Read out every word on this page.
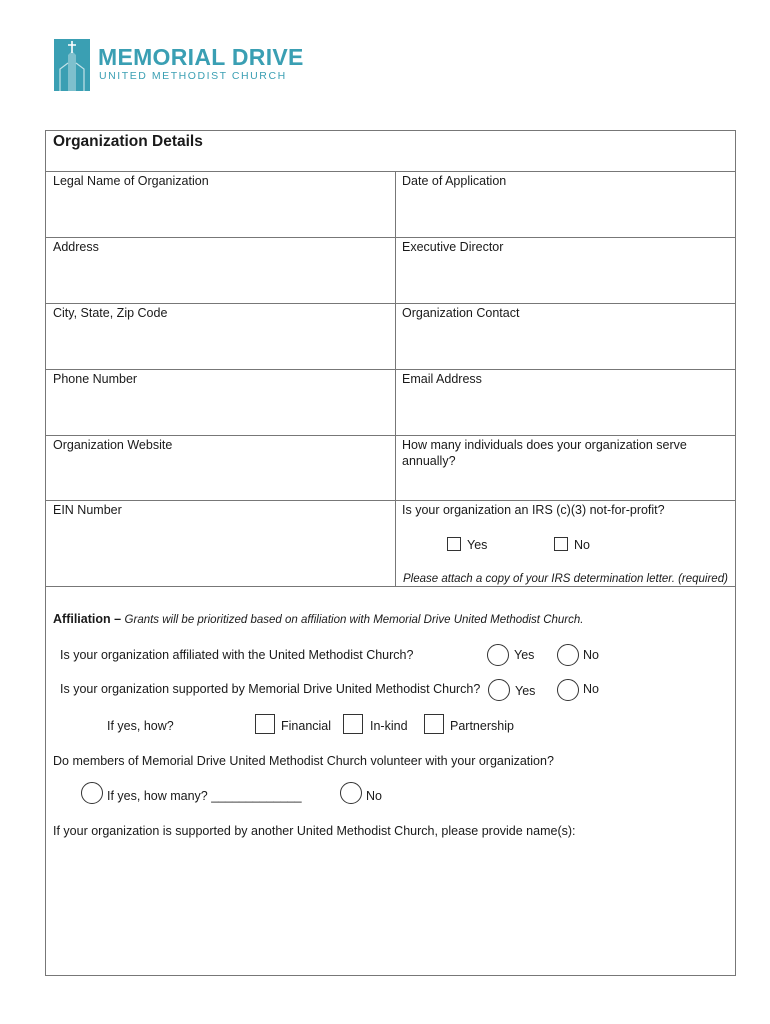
MEMORIAL DRIVE
UNITED METHODIST CHURCH
Organization Details
Legal Name of Organization	Date of Application
Address	Executive Director
City, State, Zip Code	Organization Contact
Phone Number	Email Address
Organization Website	How many individuals does your organization serve
annually?
EIN Number	Is your organization an IRS (c)(3) not-for-profit?
Yes	No
Please attach a copy of your IRS determination letter. (required)
Affiliation – Grants will be prioritized based on affiliation with Memorial Drive United Methodist Church.
Is your organization affiliated with the United Methodist Church?	Yes	No
Is your organization supported by Memorial Drive United Methodist Church?	Yes	No
If yes, how?	Financial	In-kind	Partnership
Do members of Memorial Drive United Methodist Church volunteer with your organization?
If yes, how many? _____________	No
If your organization is supported by another United Methodist Church, please provide name(s):
